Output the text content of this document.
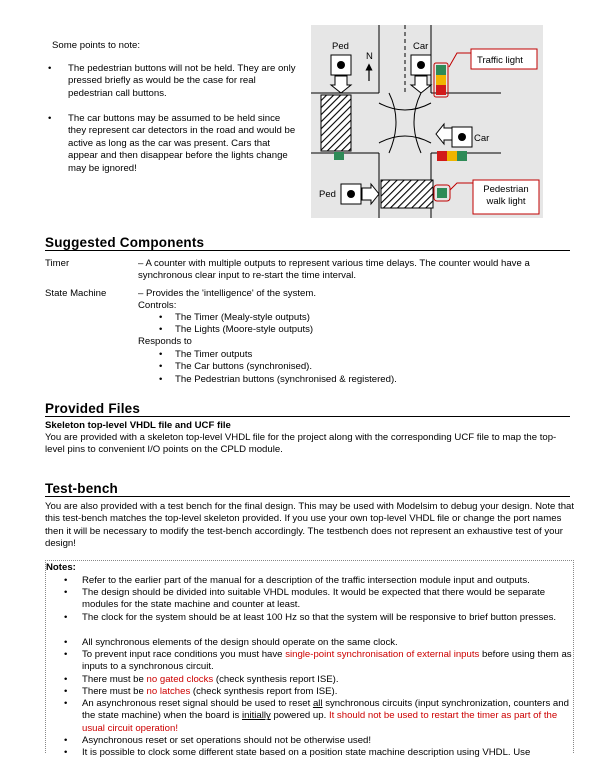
Some points to note:
• The pedestrian buttons will not be held. They are only pressed briefly as would be the case for real pedestrian call buttons.
• The car buttons may be assumed to be held since they represent car detectors in the road and would be active as long as the car was present. Cars that appear and then disappear before the lights change may be ignored!
Ped
N
Car
Traffic light
Car
Ped	Pedestrian walk light
Suggested Components
Timer	– A counter with multiple outputs to represent various time delays. The counter would have a synchronous clear input to re-start the time interval.
State Machine	– Provides the 'intelligence' of the system.
Controls:
• The Timer (Mealy-style outputs)
• The Lights (Moore-style outputs)
Responds to
• The Timer outputs
• The Car buttons (synchronised).
• The Pedestrian buttons (synchronised & registered).
Provided Files
Skeleton top-level VHDL file and UCF file
You are provided with a skeleton top-level VHDL file for the project along with the corresponding UCF file to map the top-level pins to convenient I/O points on the CPLD module.
Test-bench
You are also provided with a test bench for the final design. This may be used with Modelsim to debug your design. Note that this test-bench matches the top-level skeleton provided. If you use your own top-level VHDL file or change the port names then it will be necessary to modify the test-bench accordingly. The testbench does not represent an exhaustive test of your design!
Notes:
• Refer to the earlier part of the manual for a description of the traffic intersection module input and outputs.
• The design should be divided into suitable VHDL modules. It would be expected that there would be separate modules for the state machine and counter at least.
• The clock for the system should be at least 100 Hz so that the system will be responsive to brief button presses.
• All synchronous elements of the design should operate on the same clock.
• To prevent input race conditions you must have single-point synchronisation of external inputs before using them as inputs to a synchronous circuit.
• There must be no gated clocks (check synthesis report ISE).
• There must be no latches (check synthesis report from ISE).
• An asynchronous reset signal should be used to reset all synchronous circuits (input synchronization, counters and the state machine) when the board is initially powered up. It should not be used to restart the timer as part of the usual circuit operation!
• Asynchronous reset or set operations should not be otherwise used!
• It is possible to clock some different state based on a position state machine description using VHDL. Use
